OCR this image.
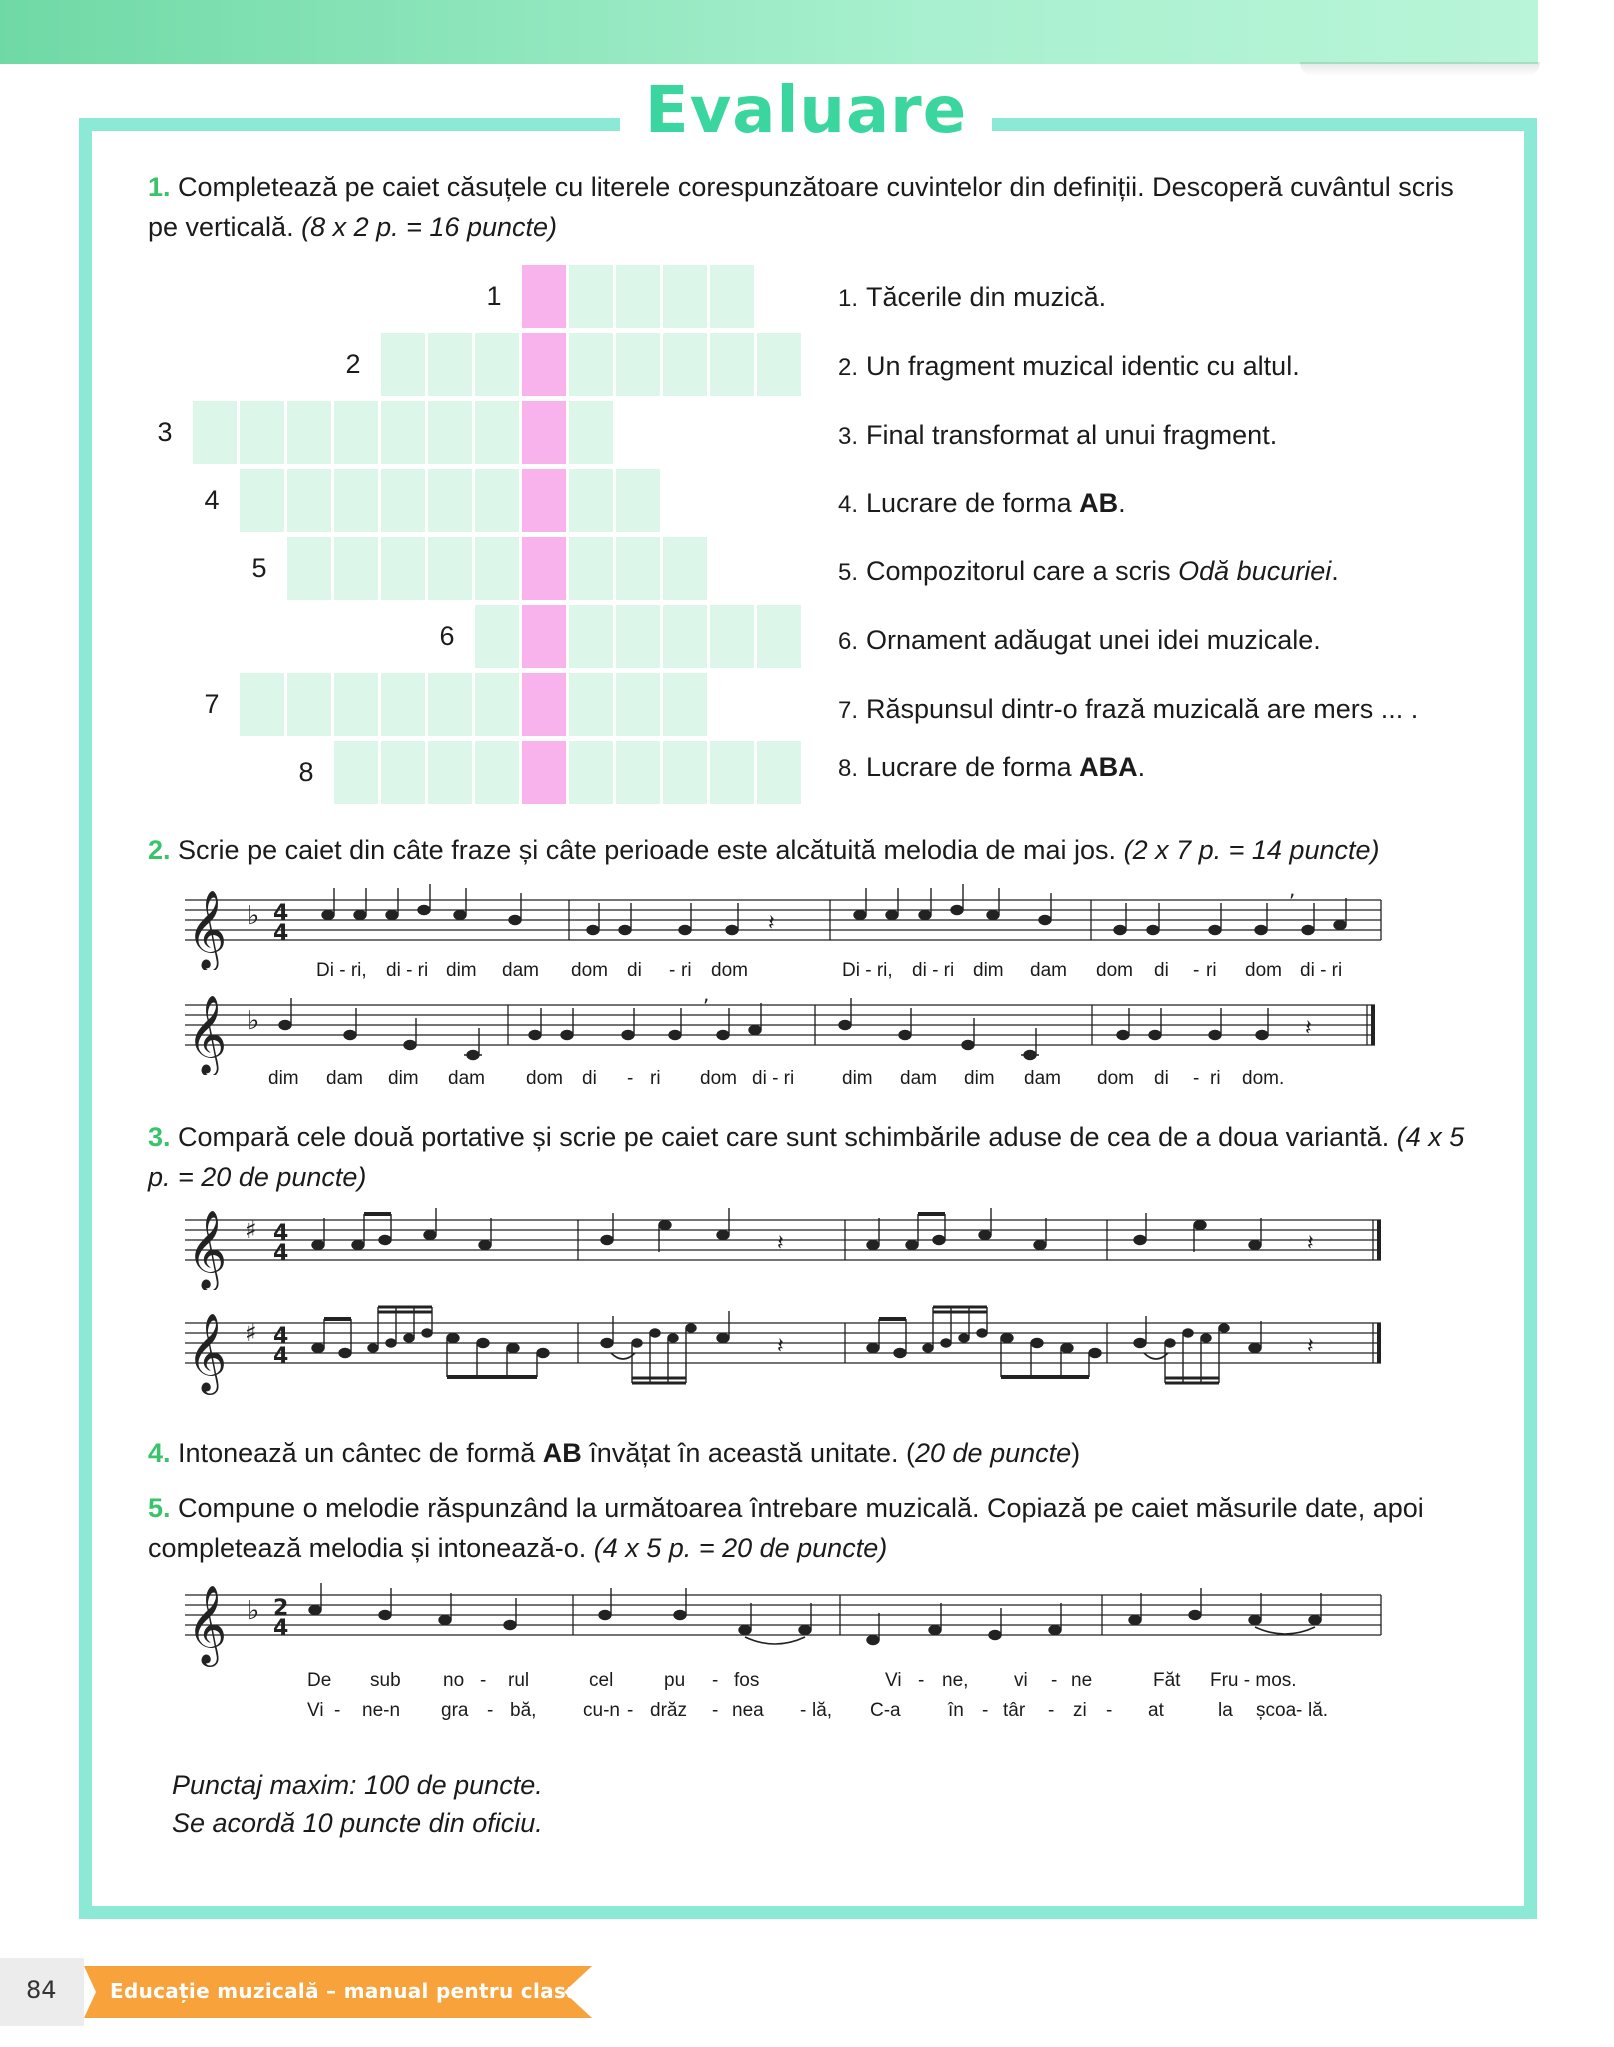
Evaluare
1. Completează pe caiet căsuțele cu literele corespunzătoare cuvintelor din definiții. Descoperă cuvântul scris pe verticală. (8 x 2 p. = 16 puncte)
1
2
3
4
5
6
7
8
1. Tăcerile din muzică.
2. Un fragment muzical identic cu altul.
3. Final transformat al unui fragment.
4. Lucrare de forma AB.
5. Compozitorul care a scris Odă bucuriei.
6. Ornament adăugat unei idei muzicale.
7. Răspunsul dintr-o frază muzicală are mers ... .
8. Lucrare de forma ABA.
2. Scrie pe caiet din câte fraze și câte perioade este alcătuită melodia de mai jos. (2 x 7 p. = 14 puncte)
𝄞 ♭ 4
4	𝄽
,
Di - ri, di - ri dim dam dom di - ri dom	Di - ri, di - ri dim dam dom di - ri dom di - ri
𝄞 ♭
,
𝄽
dim dam dim dam dom di - ri dom di - ri	dim dam dim dam dom di - ri dom.
3. Compară cele două portative și scrie pe caiet care sunt schimbările aduse de cea de a doua variantă. (4 x 5 p. = 20 de puncte)
𝄞 ♯ 4
4	𝄽	𝄽
𝄞 ♯ 4
4	𝄽	𝄽
4. Intonează un cântec de formă AB învățat în această unitate. (20 de puncte)
5. Compune o melodie răspunzând la următoarea întrebare muzicală. Copiază pe caiet măsurile date, apoi completează melodia și intonează-o. (4 x 5 p. = 20 de puncte)
𝄞 ♭ 2
4
De sub no - rul	cel	pu - fos	Vi - ne, vi - ne	Făt Fru - mos.
Vi - ne-n gra - bă, cu-n - drăz - nea - lă, C-a în - târ - zi - at	la școa - lă.
Punctaj maxim: 100 de puncte.
Se acordă 10 puncte din oficiu.
84	Educație muzicală – manual pentru clasa a VI-a
